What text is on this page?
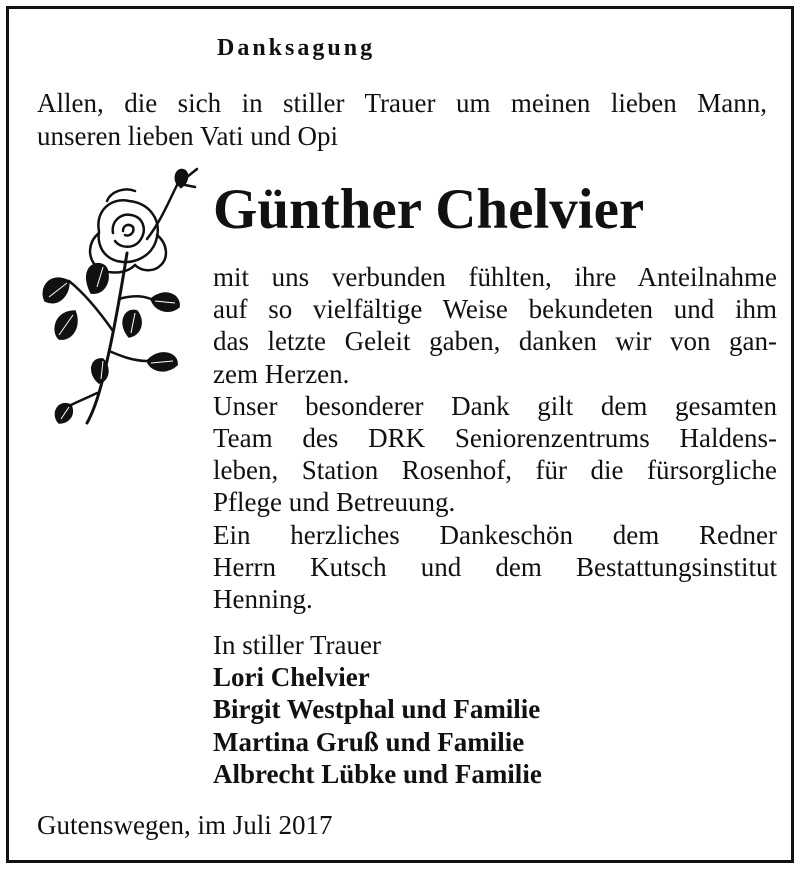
Danksagung
Allen, die sich in stiller Trauer um meinen lieben Mann,
unseren lieben Vati und Opi
Günther Chelvier
mit uns verbunden fühlten, ihre Anteilnahme
auf so vielfältige Weise bekundeten und ihm
das letzte Geleit gaben, danken wir von gan-
zem Herzen.
Unser besonderer Dank gilt dem gesamten
Team des DRK Seniorenzentrums Haldens-
leben, Station Rosenhof, für die fürsorgliche
Pflege und Betreuung.
Ein herzliches Dankeschön dem Redner
Herrn Kutsch und dem Bestattungsinstitut
Henning.
In stiller Trauer
Lori Chelvier
Birgit Westphal und Familie
Martina Gruß und Familie
Albrecht Lübke und Familie
Gutenswegen, im Juli 2017
